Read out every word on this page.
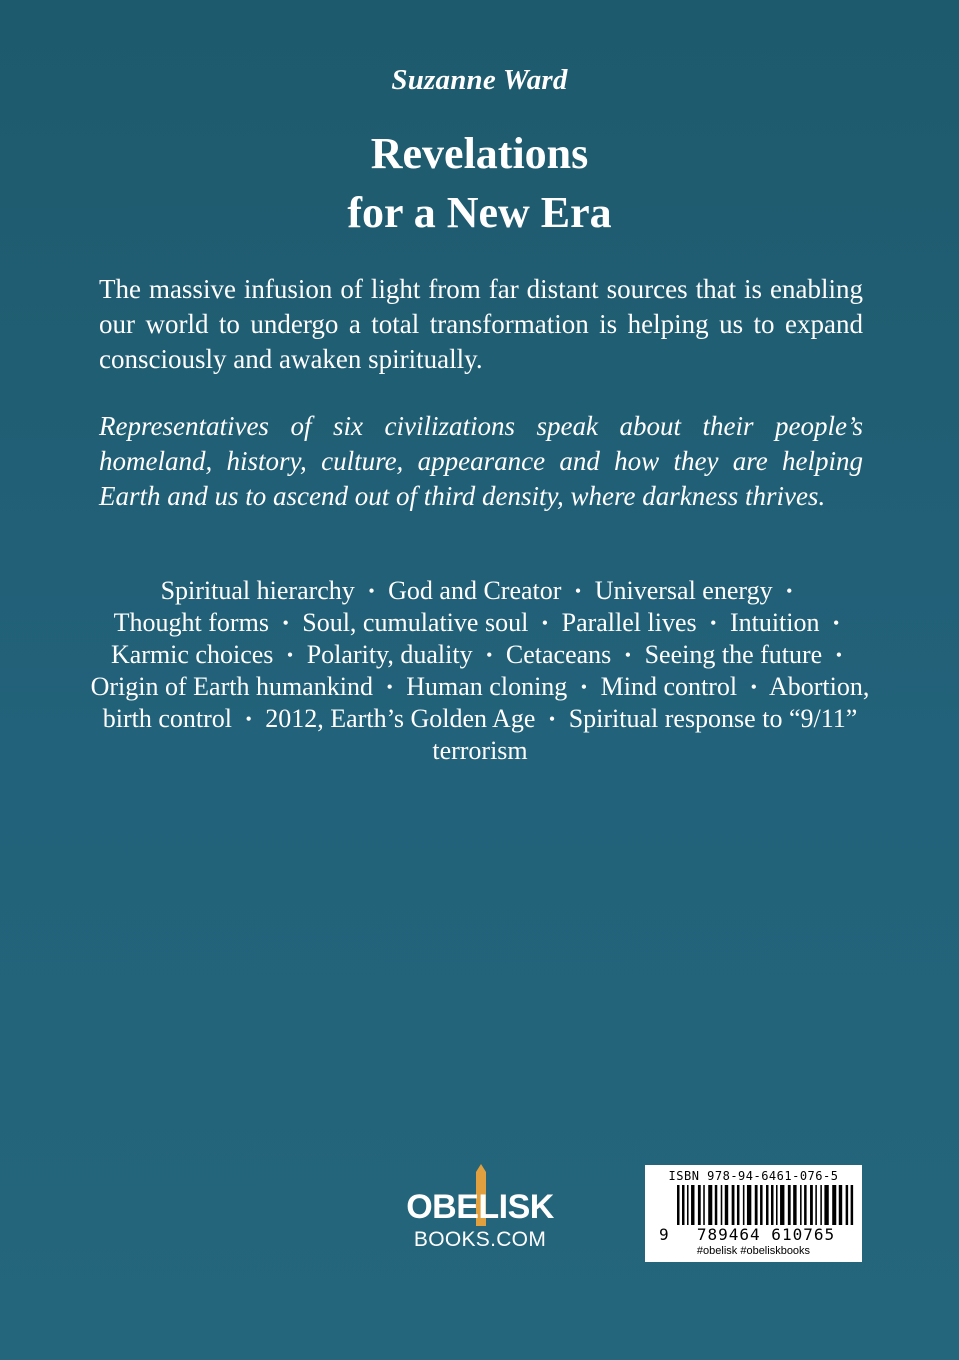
Suzanne Ward
Revelations
for a New Era

The massive infusion of light from far distant sources that is enabling our world to undergo a total transformation is helping us to expand consciously and awaken spiritually.

Representatives of six civilizations speak about their people’s homeland, history, culture, appearance and how they are helping Earth and us to ascend out of third density, where darkness thrives.

Spiritual hierarchy • God and Creator • Universal energy • Thought forms • Soul, cumulative soul • Parallel lives • Intuition • Karmic choices • Polarity, duality • Cetaceans • Seeing the future • Origin of Earth humankind • Human cloning • Mind control • Abortion, birth control • 2012, Earth’s Golden Age • Spiritual response to “9/11” terrorism

OBELISK
BOOKS.COM
ISBN 978-94-6461-076-5
9	789464 610765
#obelisk #obeliskbooks
